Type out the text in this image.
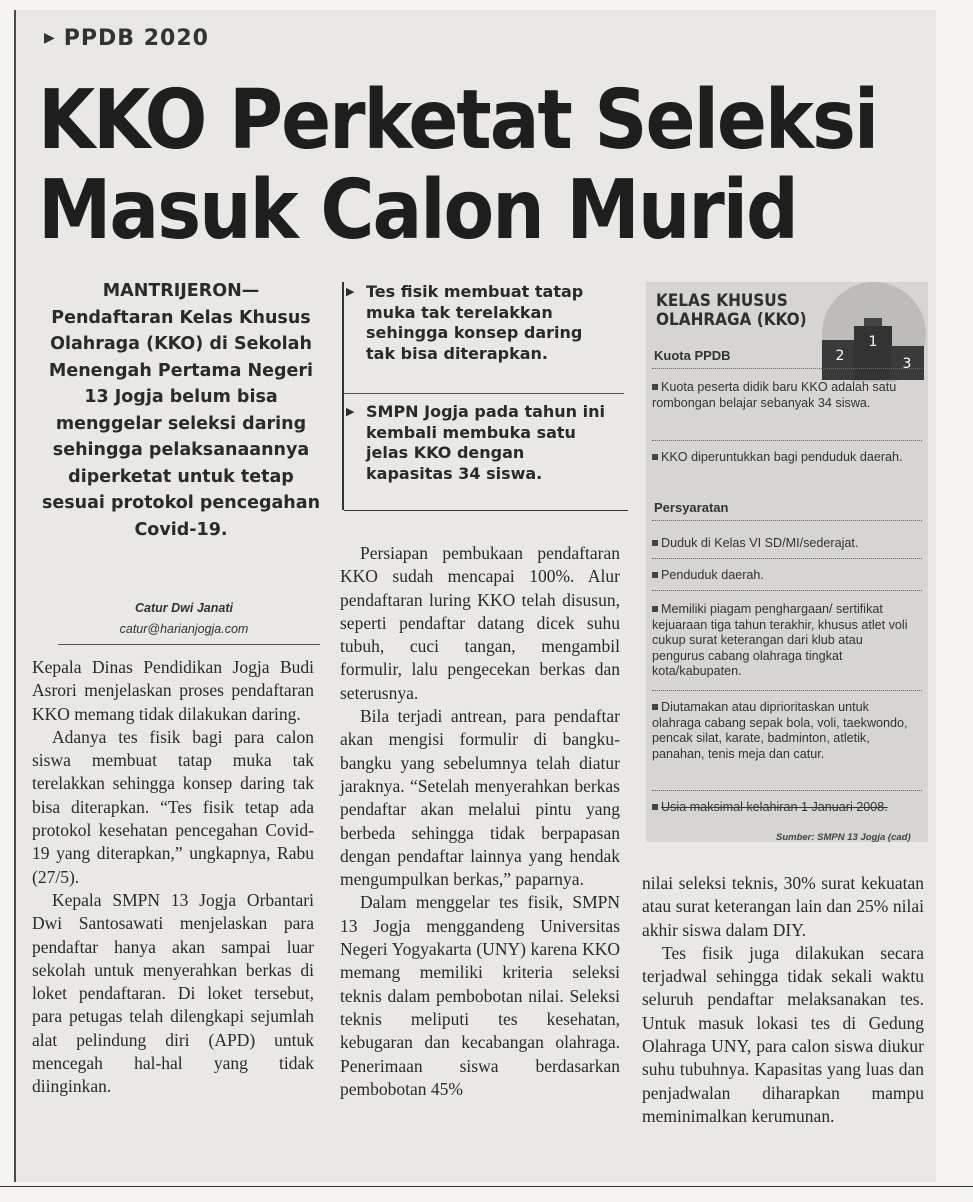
▶ PPDB 2020
KKO Perketat Seleksi
Masuk Calon Murid
MANTRIJERON— Pendaftaran Kelas Khusus Olahraga (KKO) di Sekolah Menengah Pertama Negeri 13 Jogja belum bisa menggelar seleksi daring sehingga pelaksanaannya diperketat untuk tetap sesuai protokol pencegahan Covid-19.
Catur Dwi Janati
catur@harianjogja.com

Kepala Dinas Pendidikan Jogja Budi Asrori menjelaskan proses pendaftaran KKO memang tidak dilakukan daring.

Adanya tes fisik bagi para calon siswa membuat tatap muka tak terelakkan sehingga konsep daring tak bisa diterapkan. “Tes fisik tetap ada protokol kesehatan pencegahan Covid-19 yang diterapkan,” ungkapnya, Rabu (27/5).

Kepala SMPN 13 Jogja Orbantari Dwi Santosawati menjelaskan para pendaftar hanya akan sampai luar sekolah untuk menyerahkan berkas di loket pendaftaran. Di loket tersebut, para petugas telah dilengkapi sejumlah alat pelindung diri (APD) untuk mencegah hal-hal yang tidak diinginkan.

▶ Tes fisik membuat tatap muka tak terelakkan sehingga konsep daring tak bisa diterapkan.
▶ SMPN Jogja pada tahun ini kembali membuka satu jelas KKO dengan kapasitas 34 siswa.

Persiapan pembukaan pendaftaran KKO sudah mencapai 100%. Alur pendaftaran luring KKO telah disusun, seperti pendaftar datang dicek suhu tubuh, cuci tangan, mengambil formulir, lalu pengecekan berkas dan seterusnya.

Bila terjadi antrean, para pendaftar akan mengisi formulir di bangku-bangku yang sebelumnya telah diatur jaraknya. “Setelah menyerahkan berkas pendaftar akan melalui pintu yang berbeda sehingga tidak berpapasan dengan pendaftar lainnya yang hendak mengumpulkan berkas,” paparnya.

Dalam menggelar tes fisik, SMPN 13 Jogja menggandeng Universitas Negeri Yogyakarta (UNY) karena KKO memang memiliki kriteria seleksi teknis dalam pembobotan nilai. Seleksi teknis meliputi tes kesehatan, kebugaran dan kecabangan olahraga. Penerimaan siswa berdasarkan pembobotan 45%

nilai seleksi teknis, 30% surat kekuatan atau surat keterangan lain dan 25% nilai akhir siswa dalam DIY.

Tes fisik juga dilakukan secara terjadwal sehingga tidak sekali waktu seluruh pendaftar melaksanakan tes. Untuk masuk lokasi tes di Gedung Olahraga UNY, para calon siswa diukur suhu tubuhnya. Kapasitas yang luas dan penjadwalan diharapkan mampu meminimalkan kerumunan.

KELAS KHUSUS OLAHRAGA (KKO)
2
1
3
Kuota PPDB
Kuota peserta didik baru KKO adalah satu rombongan belajar sebanyak 34 siswa.
KKO diperuntukkan bagi penduduk daerah.
Persyaratan
Duduk di Kelas VI SD/MI/sederajat.
Penduduk daerah.
Memiliki piagam penghargaan/ sertifikat kejuaraan tiga tahun terakhir, khusus atlet voli cukup surat keterangan dari klub atau pengurus cabang olahraga tingkat kota/kabupaten.
Diutamakan atau diprioritaskan untuk olahraga cabang sepak bola, voli, taekwondo, pencak silat, karate, badminton, atletik, panahan, tenis meja dan catur.
Usia maksimal kelahiran 1 Januari 2008.
Sumber: SMPN 13 Jogja (cad)
